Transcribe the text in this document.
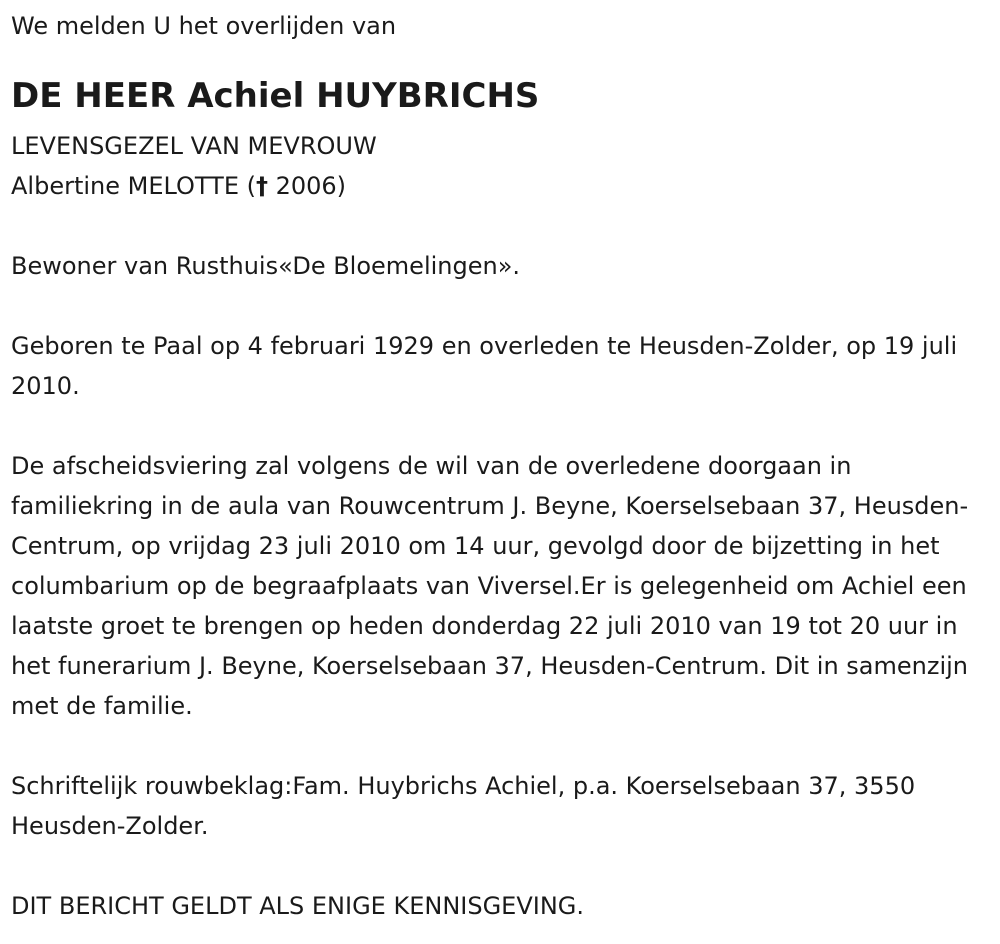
We melden U het overlijden van

DE HEER Achiel HUYBRICHS

LEVENSGEZEL VAN MEVROUW

Albertine MELOTTE († 2006)

Bewoner van Rusthuis«De Bloemelingen».

Geboren te Paal op 4 februari 1929 en overleden te Heusden-Zolder, op 19 juli 2010.

De afscheidsviering zal volgens de wil van de overledene doorgaan in familiekring in de aula van Rouwcentrum J. Beyne, Koerselsebaan 37, Heusden-Centrum, op vrijdag 23 juli 2010 om 14 uur, gevolgd door de bijzetting in het columbarium op de begraafplaats van Viversel.Er is gelegenheid om Achiel een laatste groet te brengen op heden donderdag 22 juli 2010 van 19 tot 20 uur in het funerarium J. Beyne, Koerselsebaan 37, Heusden-Centrum. Dit in samenzijn met de familie.

Schriftelijk rouwbeklag:Fam. Huybrichs Achiel, p.a. Koerselsebaan 37, 3550 Heusden-Zolder.

DIT BERICHT GELDT ALS ENIGE KENNISGEVING.
